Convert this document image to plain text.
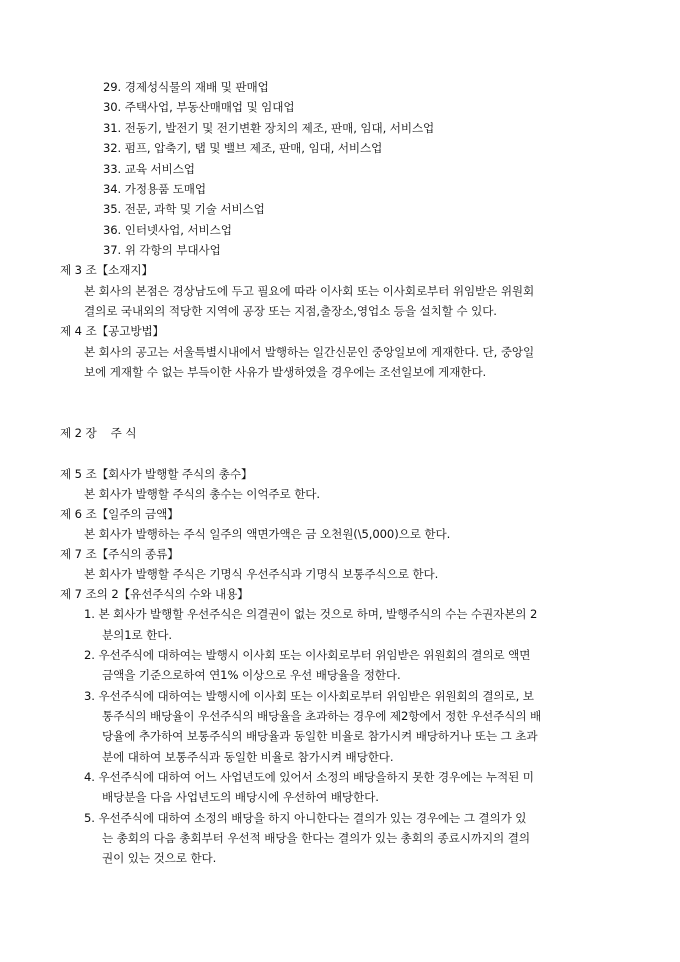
29. 경제성식물의 재배 및 판매업
30. 주택사업, 부동산매매업 및 임대업
31. 전동기, 발전기 및 전기변환 장치의 제조, 판매, 임대, 서비스업
32. 펌프, 압축기, 탭 및 밸브 제조, 판매, 임대, 서비스업
33. 교육 서비스업
34. 가정용품 도매업
35. 전문, 과학 및 기술 서비스업
36. 인터넷사업, 서비스업
37. 위 각항의 부대사업
제 3 조【소재지】
본 회사의 본점은 경상남도에 두고 필요에 따라 이사회 또는 이사회로부터 위임받은 위원회
결의로 국내외의 적당한 지역에 공장 또는 지점,출장소,영업소 등을 설치할 수 있다.
제 4 조【공고방법】
본 회사의 공고는 서울특별시내에서 발행하는 일간신문인 중앙일보에 게재한다. 단, 중앙일
보에 게재할 수 없는 부득이한 사유가 발생하였을 경우에는 조선일보에 게재한다.
제 2 장 주 식
제 5 조【회사가 발행할 주식의 총수】
본 회사가 발행할 주식의 총수는 이억주로 한다.
제 6 조【일주의 금액】
본 회사가 발행하는 주식 일주의 액면가액은 금 오천원(\5,000)으로 한다.
제 7 조【주식의 종류】
본 회사가 발행할 주식은 기명식 우선주식과 기명식 보통주식으로 한다.
제 7 조의 2【유선주식의 수와 내용】
1. 본 회사가 발행할 우선주식은 의결권이 없는 것으로 하며, 발행주식의 수는 수권자본의 2
분의1로 한다.
2. 우선주식에 대하여는 발행시 이사회 또는 이사회로부터 위임받은 위원회의 결의로 액면
금액을 기준으로하여 연1% 이상으로 우선 배당율을 정한다.
3. 우선주식에 대하여는 발행시에 이사회 또는 이사회로부터 위임받은 위원회의 결의로, 보
통주식의 배당율이 우선주식의 배당율을 초과하는 경우에 제2항에서 정한 우선주식의 배
당율에 추가하여 보통주식의 배당율과 동일한 비율로 참가시켜 배당하거나 또는 그 초과
분에 대하여 보통주식과 동일한 비율로 참가시켜 배당한다.
4. 우선주식에 대하여 어느 사업년도에 있어서 소정의 배당을하지 못한 경우에는 누적된 미
배당분을 다음 사업년도의 배당시에 우선하여 배당한다.
5. 우선주식에 대하여 소정의 배당을 하지 아니한다는 결의가 있는 경우에는 그 결의가 있
는 총회의 다음 총회부터 우선적 배당을 한다는 결의가 있는 총회의 종료시까지의 결의
권이 있는 것으로 한다.
